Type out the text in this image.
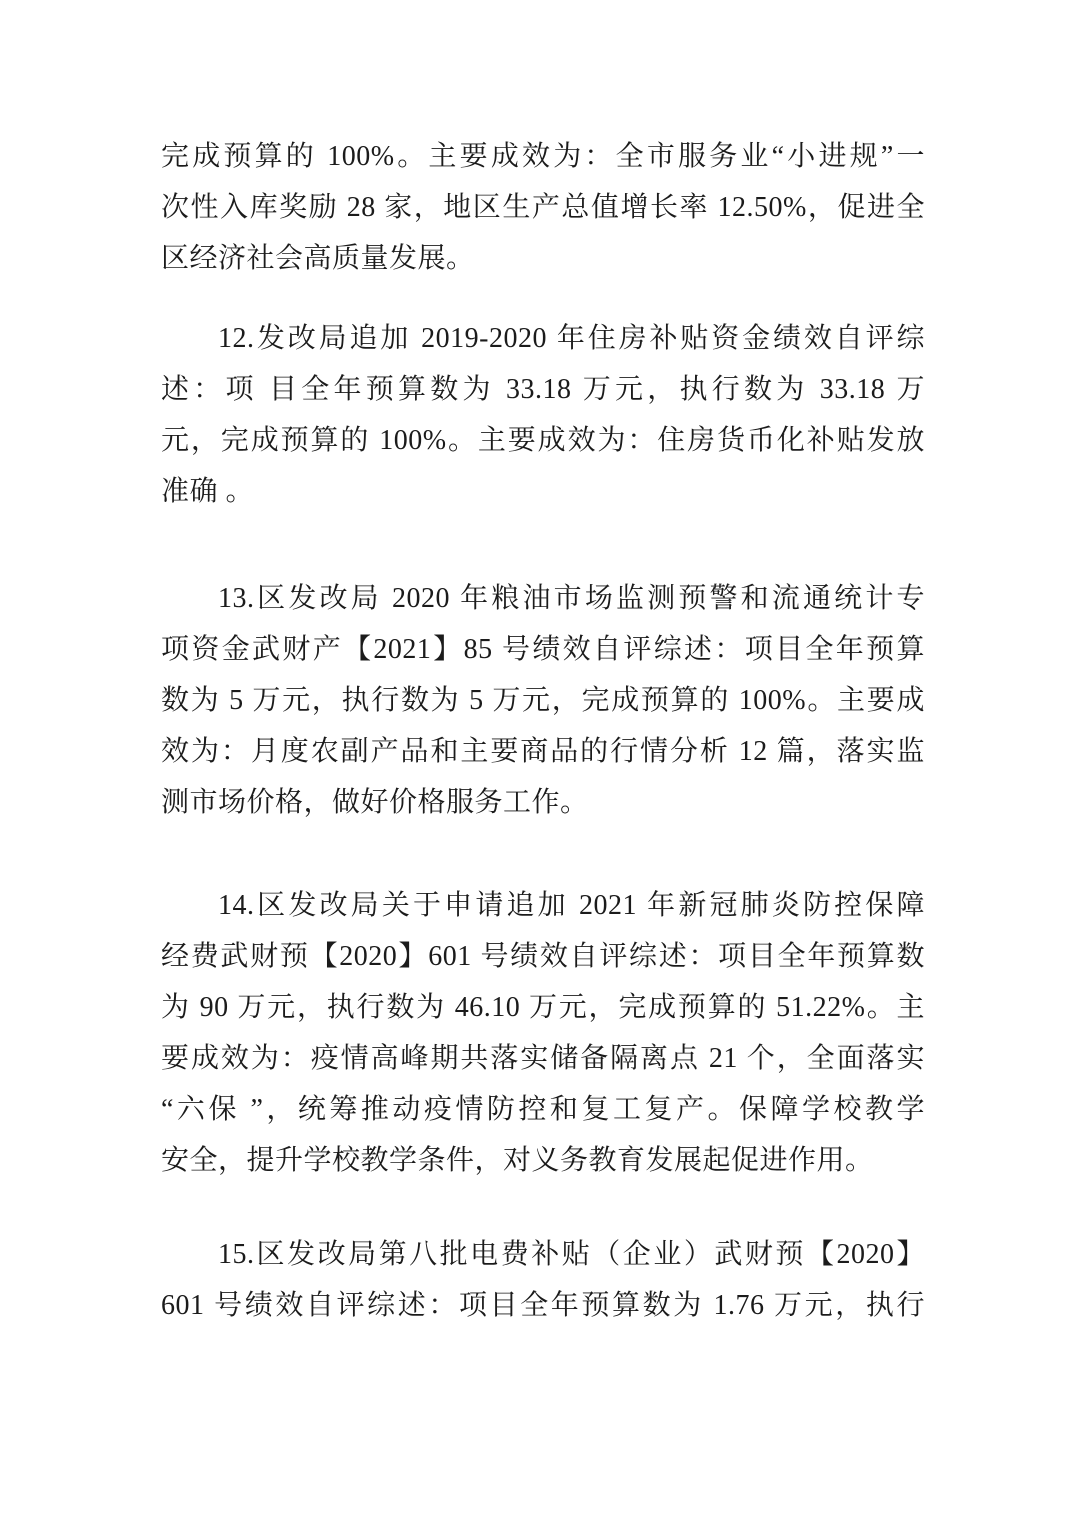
完成预算的 100%。主要成效为：全市服务业“小进规”一
次性入库奖励 28 家，地区生产总值增长率 12.50%，促进全
区经济社会高质量发展。
12.发改局追加 2019-2020 年住房补贴资金绩效自评综
述：项 目全年预算数为 33.18 万元，执行数为 33.18 万
元，完成预算的 100%。主要成效为：住房货币化补贴发放
准确 。
13.区发改局 2020 年粮油市场监测预警和流通统计专
项资金武财产【2021】85 号绩效自评综述：项目全年预算
数为 5 万元，执行数为 5 万元，完成预算的 100%。主要成
效为：月度农副产品和主要商品的行情分析 12 篇，落实监
测市场价格，做好价格服务工作。
14.区发改局关于申请追加 2021 年新冠肺炎防控保障
经费武财预【2020】601 号绩效自评综述：项目全年预算数
为 90 万元，执行数为 46.10 万元，完成预算的 51.22%。主
要成效为：疫情高峰期共落实储备隔离点 21 个，全面落实
“六保 ”，统筹推动疫情防控和复工复产。保障学校教学
安全，提升学校教学条件，对义务教育发展起促进作用。
15.区发改局第八批电费补贴（企业）武财预【2020】
601 号绩效自评综述：项目全年预算数为 1.76 万元，执行
